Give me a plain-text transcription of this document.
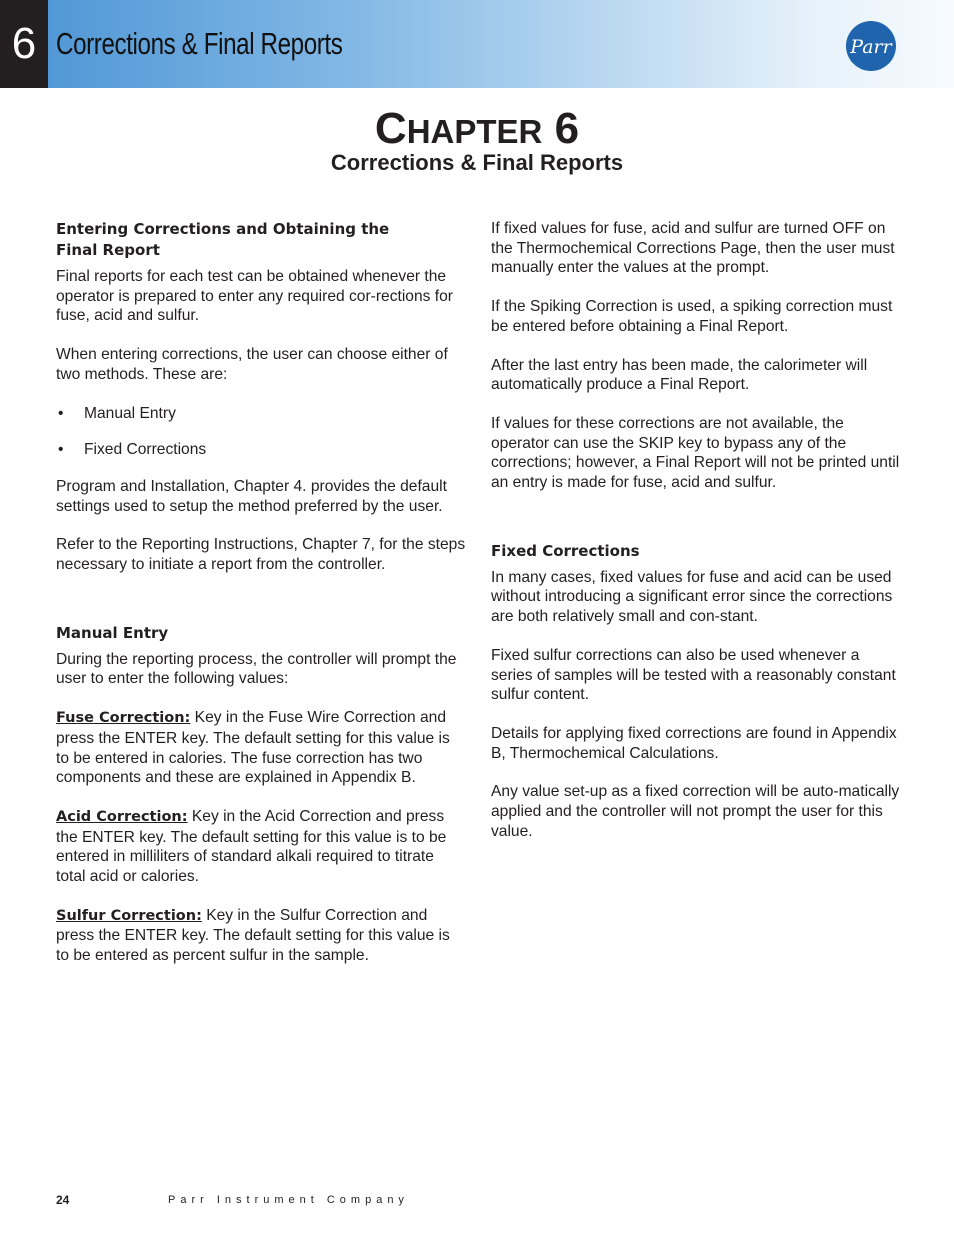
6 Corrections & Final Reports	Parr
CHAPTER 6
Corrections & Final Reports
Entering Corrections and Obtaining the
Final Report

Final reports for each test can be obtained whenever the operator is prepared to enter any required cor-rections for fuse, acid and sulfur.

When entering corrections, the user can choose either of two methods. These are:

• Manual Entry
• Fixed Corrections

Program and Installation, Chapter 4. provides the default settings used to setup the method preferred by the user.

Refer to the Reporting Instructions, Chapter 7, for the steps necessary to initiate a report from the controller.

Manual Entry

During the reporting process, the controller will prompt the user to enter the following values:

Fuse Correction: Key in the Fuse Wire Correction and press the ENTER key. The default setting for this value is to be entered in calories. The fuse correction has two components and these are explained in Appendix B.

Acid Correction: Key in the Acid Correction and press the ENTER key. The default setting for this value is to be entered in milliliters of standard alkali required to titrate total acid or calories.

Sulfur Correction: Key in the Sulfur Correction and press the ENTER key. The default setting for this value is to be entered as percent sulfur in the sample.

If fixed values for fuse, acid and sulfur are turned OFF on the Thermochemical Corrections Page, then the user must manually enter the values at the prompt.

If the Spiking Correction is used, a spiking correction must be entered before obtaining a Final Report.

After the last entry has been made, the calorimeter will automatically produce a Final Report.

If values for these corrections are not available, the operator can use the SKIP key to bypass any of the corrections; however, a Final Report will not be printed until an entry is made for fuse, acid and sulfur.

Fixed Corrections

In many cases, fixed values for fuse and acid can be used without introducing a significant error since the corrections are both relatively small and con-stant.

Fixed sulfur corrections can also be used whenever a series of samples will be tested with a reasonably constant sulfur content.

Details for applying fixed corrections are found in Appendix B, Thermochemical Calculations.

Any value set-up as a fixed correction will be auto-matically applied and the controller will not prompt the user for this value.

24	Parr Instrument Company
